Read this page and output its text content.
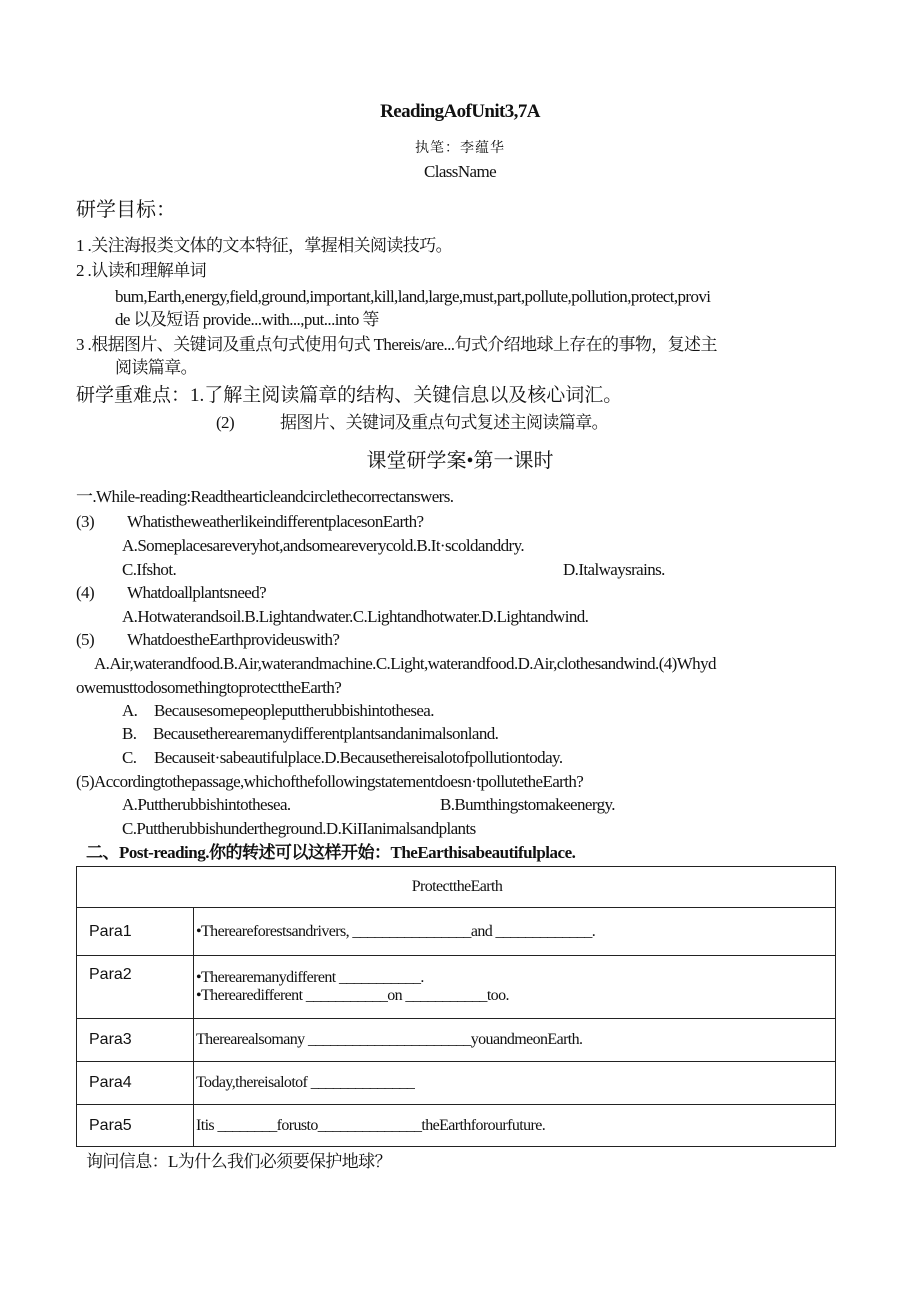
ReadingAofUnit3,7A
执笔：李蕴华
ClassName
研学目标：
1 .关注海报类文体的文本特征，掌握相关阅读技巧。
2 .认读和理解单词
bum,Earth,energy,field,ground,important,kill,land,large,must,part,pollute,pollution,protect,provi
de 以及短语 provide...with...,put...into 等
3 .根据图片、关键词及重点句式使用句式 Thereis/are...句式介绍地球上存在的事物，复述主
阅读篇章。
研学重难点：1.了解主阅读篇章的结构、关键信息以及核心词汇。
(2)	据图片、关键词及重点句式复述主阅读篇章。
课堂研学案•第一课时
一.While-reading:Readthearticleandcirclethecorrectanswers.
(3) WhatistheweatherlikeindifferentplacesonEarth?
A.Someplacesareveryhot,andsomeareverycold.B.It·scoldanddry.
C.Ifshot.	D.Italwaysrains.
(4) Whatdoallplantsneed?
A.Hotwaterandsoil.B.Lightandwater.C.Lightandhotwater.D.Lightandwind.
(5) WhatdoestheEarthprovideuswith?
A.Air,waterandfood.B.Air,waterandmachine.C.Light,waterandfood.D.Air,clothesandwind.(4)Whyd
owemusttodosomethingtoprotecttheEarth?
A. Becausesomepeopleputtherubbishintothesea.
B. Becausetherearemanydifferentplantsandanimalsonland.
C. Becauseit·sabeautifulplace.D.Becausethereisalotofpollutiontoday.
(5)Accordingtothepassage,whichofthefollowingstatementdoesn·tpollutetheEarth?
A.Puttherubbishintothesea.	B.Bumthingstomakeenergy.
C.Puttherubbishundertheground.D.KiIIanimalsandplants
二、Post-reading.你的转述可以这样开始：TheEarthisabeautifulplace.
ProtecttheEarth	
Para1	•Thereareforestsandrivers, ________________and _____________.
Para2	•Therearemanydifferent ___________.
•Therearedifferent ___________on ___________too.

Para3	Therearealsomany ______________________youandmeonEarth.
Para4	Today,thereisalotof ______________
Para5	Itis ________forusto______________theEarthforourfuture.
询问信息：L为什么我们必须要保护地球？
